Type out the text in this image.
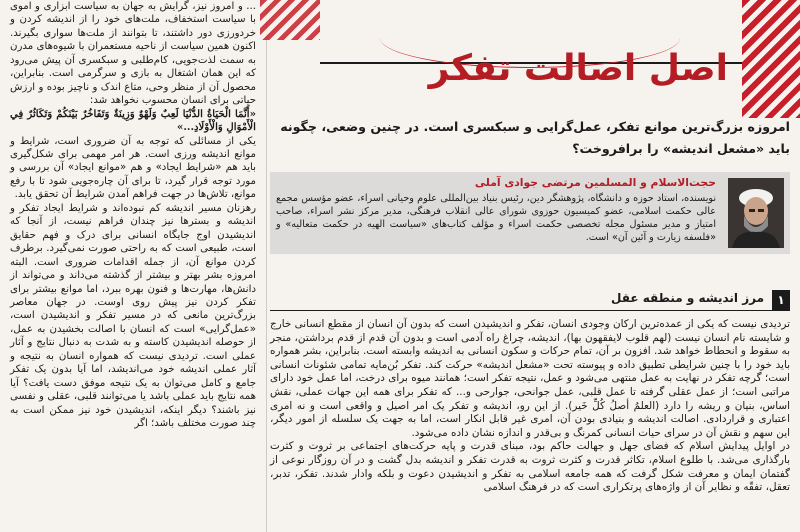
... و امروز نیز، گرایش به جهان به سیاست ابزاری و اموی با سیاست استخفاف، ملت‌های خود را از اندیشه کردن و خردورزی دور داشتند، تا بتوانند از ملت‌ها سواری بگیرند. اکنون همین سیاست از ناحیه مستعمران با شیوه‌های مدرن به سمت لذت‌جویی، کام‌طلبی و سبکسری آن پیش می‌رود که این همان اشتغال به بازی و سرگرمی است. بنابراین، محصول آن از منظر وحی، متاع اندک و ناچیز بوده و ارزش حیاتی برای انسان محسوب نخواهد شد:

«أَنَّمَا الْحَيَاةُ الدُّنْيَا لَعِبٌ وَلَهْوٌ وَزِينَةٌ وَتَفَاخُرٌ بَيْنَكُمْ وَتَكَاثُرٌ فِي الْأَمْوَالِ وَالْأَوْلَادِ...»

یکی از مسائلی که توجه به آن ضروری است، شرایط و موانع اندیشه ورزی است. هر امر مهمی برای شکل‌گیری باید هم «شرایط ایجاد» و هم «موانع ایجاد» آن بررسی و مورد توجه قرار گیرد، تا برای آن چاره‌جویی شود تا با رفع موانع، تلاش‌ها در جهت فراهم آمدن شرایط آن تحقق یابد.

رهزنان مسیر اندیشه کم نبوده‌اند و شرایط ایجاد تفکر و اندیشه و بسترها نیز چندان فراهم نیست، از آنجا که اندیشیدن اوج جایگاه انسانی برای درک و فهم حقایق است، طبیعی است که به راحتی صورت نمی‌گیرد. برطرف کردن موانع آن، از جمله اقدامات ضروری است. البته امروزه بشر بهتر و بیشتر از گذشته می‌داند و می‌تواند از دانش‌ها، مهارت‌ها و فنون بهره ببرد، اما موانع بیشتر برای تفکر کردن نیز پیش روی اوست. در جهان معاصر بزرگ‌ترین مانعی که در مسیر تفکر و اندیشیدن است، «عمل‌گرایی» است که انسان با اصالت بخشیدن به عمل، از حوصله اندیشیدن کاسته و به شدت به دنبال نتایج و آثار عملی است. تردیدی نیست که همواره انسان به نتیجه و آثار عملی اندیشه خود می‌اندیشد، اما آیا بدون یک تفکر جامع و کامل می‌توان به یک نتیجه موفق دست یافت؟ آیا همه نتایج باید عملی باشد یا می‌توانند قلبی، عقلی و نفسی نیز باشند؟ دیگر اینکه، اندیشیدن خود نیز ممکن است به چند صورت مختلف باشد؛ اگر

اصل اصالت تفکر

امروزه بزرگ‌ترین موانع تفکر، عمل‌گرایی و سبکسری است. در چنین وضعی، چگونه باید «مشعل اندیشه» را برافروخت؟

حجت‌الاسلام و المسلمین مرتضی جوادی آملی

نویسنده، استاد حوزه و دانشگاه، پژوهشگر دین، رئیس بنیاد بین‌المللی علوم وحیانی اسراء، عضو مؤسس مجمع عالی حکمت اسلامی، عضو کمیسیون حوزوی شورای عالی انقلاب فرهنگی، مدیر مرکز نشر اسراء، صاحب امتیاز و مدیر مسئول مجله تخصصی حکمت اسراء و مؤلف کتاب‌های «سیاست الهیه در حکمت متعالیه» و «فلسفه زیارت و آئین آن» است.

۱
مرز اندیشه و منطقه عقل

تردیدی نیست که یکی از عمده‌ترین ارکان وجودی انسان، تفکر و اندیشیدن است که بدون آن انسان از مقطع انسانی خارج و شایسته نام انسان نیست (لهم قلوب لایفقهون بها)، اندیشه، چراغ راه آدمی است و بدون آن قدم از قدم برداشتن، منجر به سقوط و انحطاط خواهد شد. افزون بر آن، تمام حرکات و سکون انسانی به اندیشه وابسته است. بنابراین، بشر همواره باید خود را با چنین شرایطی تطبیق داده و پیوسته تحت «مشعل اندیشه» حرکت کند. تفکر بُن‌مایه تمامی شئونات انسانی است؛ گرچه تفکر در نهایت به عمل منتهی می‌شود و عمل، نتیجه تفکر است؛ همانند میوه برای درخت، اما عمل خود دارای مراتبی است؛ از عمل عقلی گرفته تا عمل قلبی، عمل جوانحی، جوارحی و... که تفکر برای همه این جهات عملی، نقش اساس، بنیان و ریشه را دارد (العلمُ أصلُ کُلِّ خَیر). از این رو، اندیشه و تفکر یک امر اصیل و واقعی است و نه امری اعتباری و قراردادی. اصالت اندیشه و بنیادی بودن آن، امری غیر قابل انکار است، اما به جهت یک سلسله از امور دیگر، این سهم و نقش آن در سرای حیات انسانی کمرنگ و بی‌قدر و اندازه نشان داده می‌شود.

در اوایل پیدایش اسلام که فضای جهل و جهالت حاکم بود، مبنای قدرت و پایه حرکت‌های اجتماعی بر ثروت و کثرت بارگذاری می‌شد. با طلوع اسلام، تکاثر قدرت و کثرت ثروت به قدرت تفکر و اندیشه بدل گشت و در آن روزگار نوعی از گفتمان ایمان و معرفت شکل گرفت که همه جامعه اسلامی به تفکر و اندیشیدن دعوت و بلکه وادار شدند. تفکر، تدبر، تعقل، تفقّه و نظایر آن از واژه‌های پرتکراری است که در فرهنگ اسلامی
